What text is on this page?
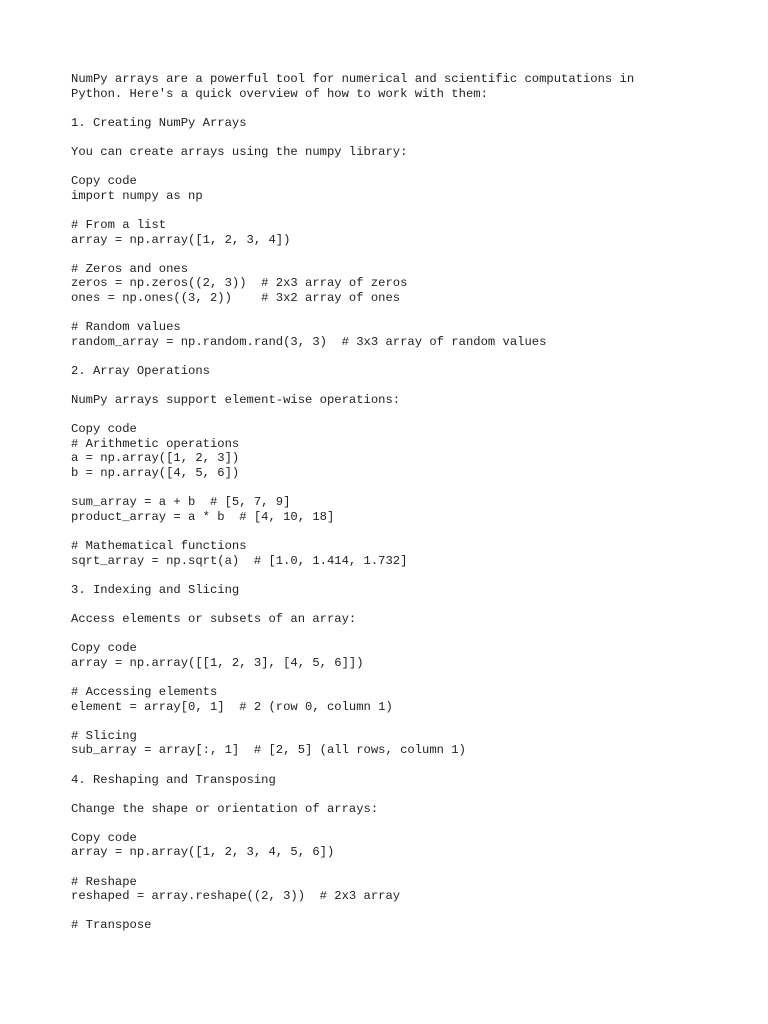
NumPy arrays are a powerful tool for numerical and scientific computations in
Python. Here's a quick overview of how to work with them:
1. Creating NumPy Arrays
You can create arrays using the numpy library:
Copy code
import numpy as np
# From a list
array = np.array([1, 2, 3, 4])
# Zeros and ones
zeros = np.zeros((2, 3))  # 2x3 array of zeros
ones = np.ones((3, 2))    # 3x2 array of ones
# Random values
random_array = np.random.rand(3, 3)  # 3x3 array of random values
2. Array Operations
NumPy arrays support element-wise operations:
Copy code
# Arithmetic operations
a = np.array([1, 2, 3])
b = np.array([4, 5, 6])
sum_array = a + b  # [5, 7, 9]
product_array = a * b  # [4, 10, 18]
# Mathematical functions
sqrt_array = np.sqrt(a)  # [1.0, 1.414, 1.732]
3. Indexing and Slicing
Access elements or subsets of an array:
Copy code
array = np.array([[1, 2, 3], [4, 5, 6]])
# Accessing elements
element = array[0, 1]  # 2 (row 0, column 1)
# Slicing
sub_array = array[:, 1]  # [2, 5] (all rows, column 1)
4. Reshaping and Transposing
Change the shape or orientation of arrays:
Copy code
array = np.array([1, 2, 3, 4, 5, 6])
# Reshape
reshaped = array.reshape((2, 3))  # 2x3 array
# Transpose
